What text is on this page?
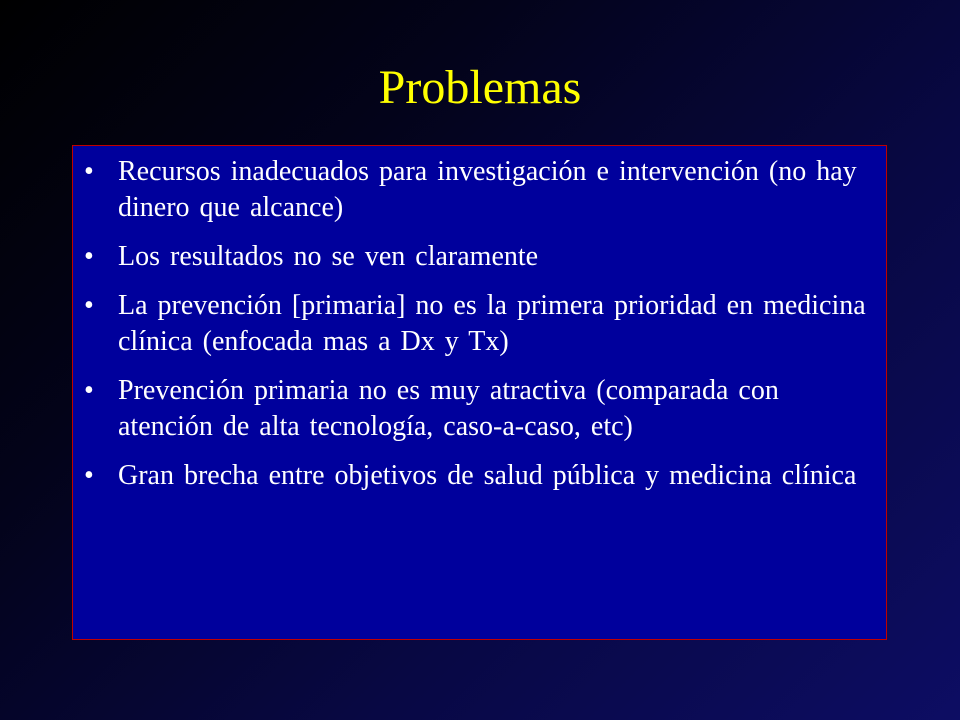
Problemas
• Recursos inadecuados para investigación e intervención (no hay dinero que alcance)
• Los resultados no se ven claramente
• La prevención [primaria] no es la primera prioridad en medicina clínica (enfocada mas a Dx y Tx)
• Prevención primaria no es muy atractiva (comparada con atención de alta tecnología, caso-a-caso, etc)
• Gran brecha entre objetivos de salud pública y medicina clínica
